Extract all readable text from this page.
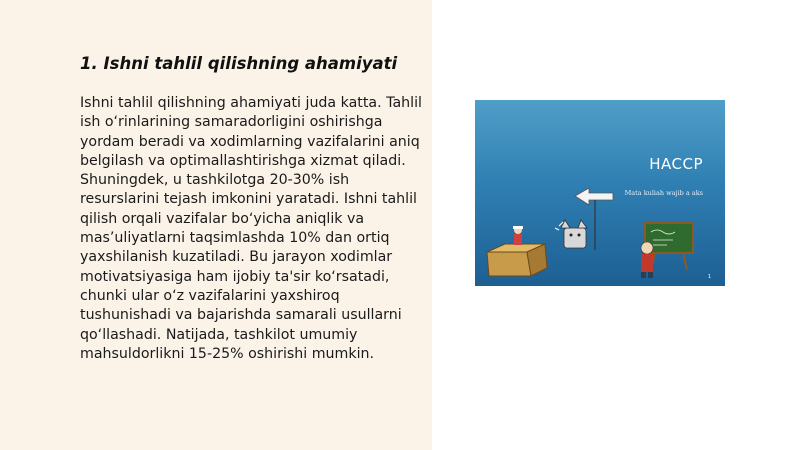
1. Ishni tahlil qilishning ahamiyati

Ishni tahlil qilishning ahamiyati juda katta. Tahlil ish o‘rinlarining samaradorligini oshirishga yordam beradi va xodimlarning vazifalarini aniq belgilash va optimallashtirishga xizmat qiladi. Shuningdek, u tashkilotga 20-30% ish resurslarini tejash imkonini yaratadi. Ishni tahlil qilish orqali vazifalar bo‘yicha aniqlik va mas’uliyatlarni taqsimlashda 10% dan ortiq yaxshilanish kuzatiladi. Bu jarayon xodimlar motivatsiyasiga ham ijobiy ta'sir ko‘rsatadi, chunki ular o‘z vazifalarini yaxshiroq tushunishadi va bajarishda samarali usullarni qo‘llashadi. Natijada, tashkilot umumiy mahsuldorlikni 15-25% oshirishi mumkin.

HACCP
Mata kuliah wajib a aks
1
